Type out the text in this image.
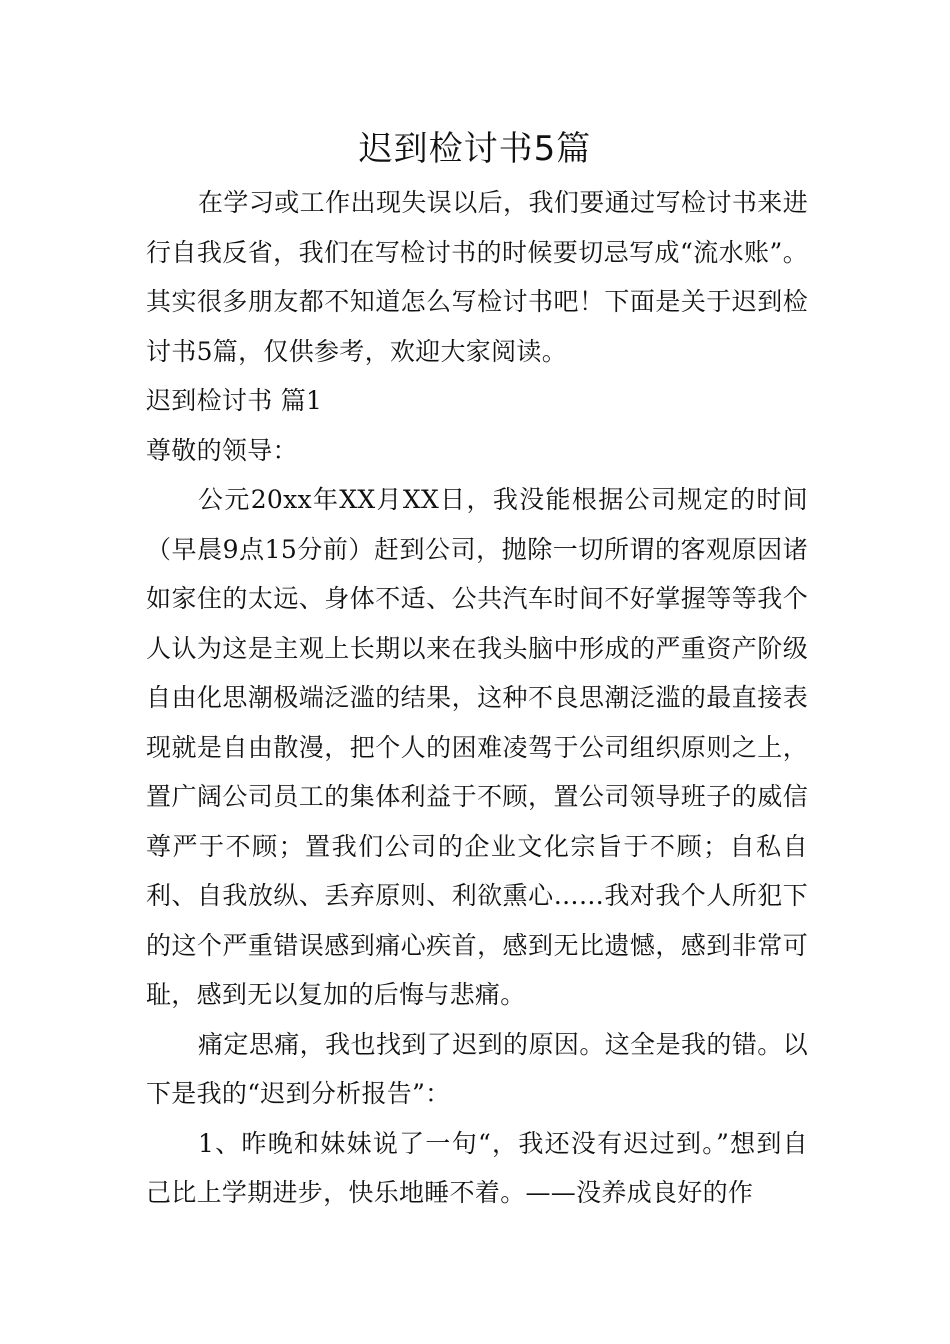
迟到检讨书5篇

在学习或工作出现失误以后，我们要通过写检讨书来进行自我反省，我们在写检讨书的时候要切忌写成“流水账”。其实很多朋友都不知道怎么写检讨书吧！下面是关于迟到检讨书5篇，仅供参考，欢迎大家阅读。

迟到检讨书 篇1

尊敬的领导：

公元20xx年XX月XX日，我没能根据公司规定的时间（早晨9点15分前）赶到公司，抛除一切所谓的客观原因诸如家住的太远、身体不适、公共汽车时间不好掌握等等我个人认为这是主观上长期以来在我头脑中形成的严重资产阶级自由化思潮极端泛滥的结果，这种不良思潮泛滥的最直接表现就是自由散漫，把个人的困难凌驾于公司组织原则之上，置广阔公司员工的集体利益于不顾，置公司领导班子的威信尊严于不顾；置我们公司的企业文化宗旨于不顾；自私自利、自我放纵、丢弃原则、利欲熏心……我对我个人所犯下的这个严重错误感到痛心疾首，感到无比遗憾，感到非常可耻，感到无以复加的后悔与悲痛。

痛定思痛，我也找到了迟到的原因。这全是我的错。以下是我的“迟到分析报告”：

1、昨晚和妹妹说了一句“，我还没有迟过到。”想到自己比上学期进步，快乐地睡不着。——没养成良好的作
